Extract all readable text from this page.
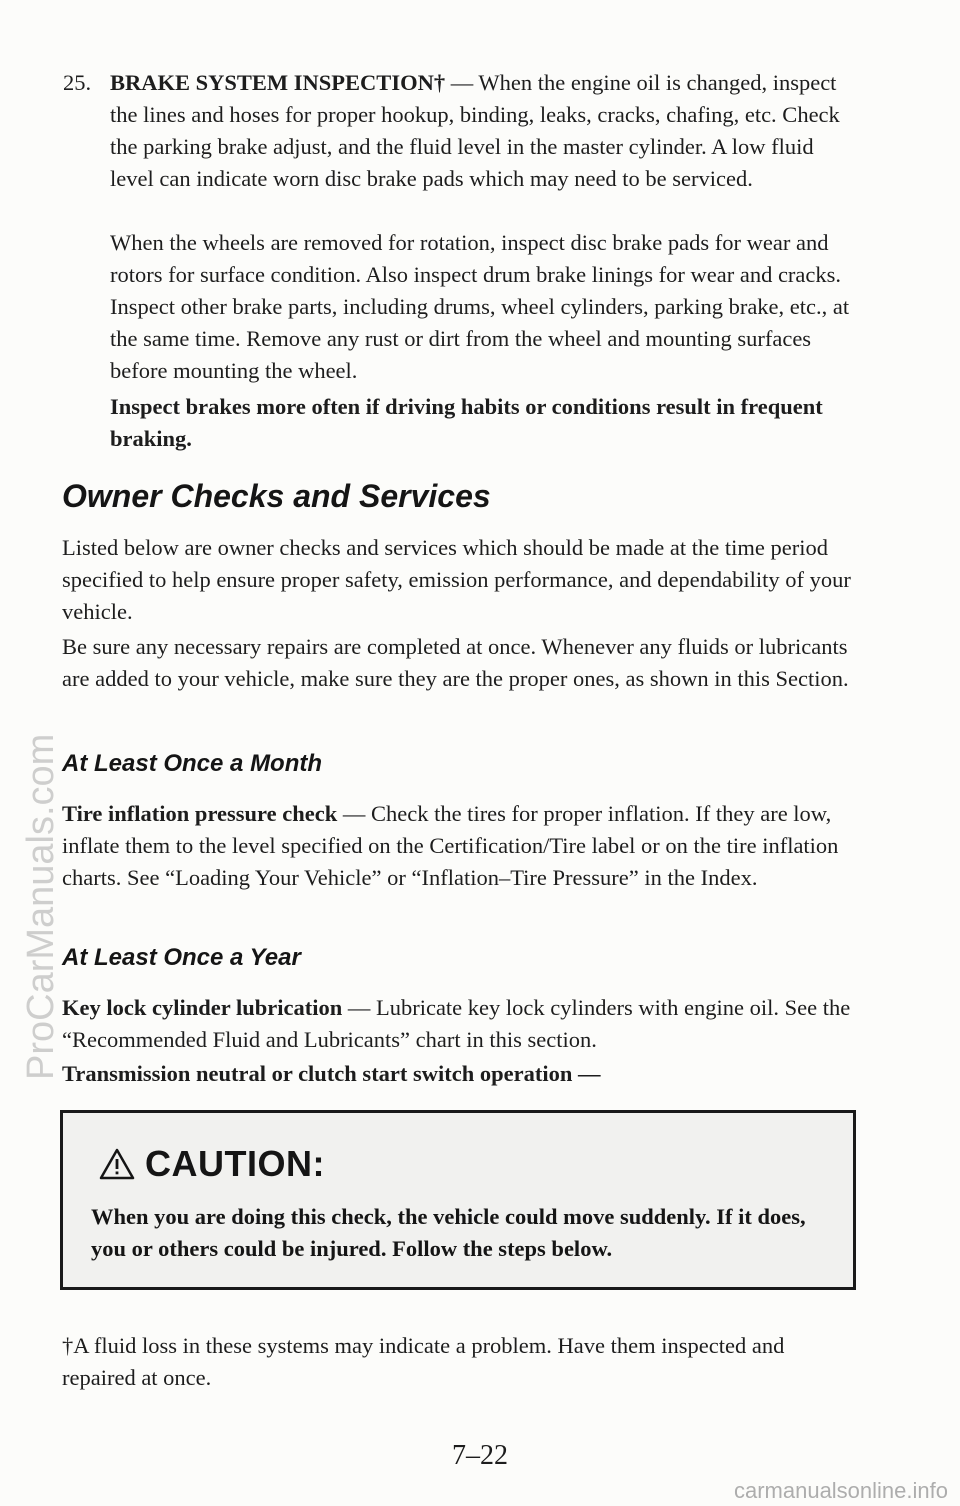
25. BRAKE SYSTEM INSPECTION† — When the engine oil is changed, inspect the lines and hoses for proper hookup, binding, leaks, cracks, chafing, etc. Check the parking brake adjust, and the fluid level in the master cylinder. A low fluid level can indicate worn disc brake pads which may need to be serviced.

When the wheels are removed for rotation, inspect disc brake pads for wear and rotors for surface condition. Also inspect drum brake linings for wear and cracks. Inspect other brake parts, including drums, wheel cylinders, parking brake, etc., at the same time. Remove any rust or dirt from the wheel and mounting surfaces before mounting the wheel.

Inspect brakes more often if driving habits or conditions result in frequent braking.

Owner Checks and Services

Listed below are owner checks and services which should be made at the time period specified to help ensure proper safety, emission performance, and dependability of your vehicle.

Be sure any necessary repairs are completed at once. Whenever any fluids or lubricants are added to your vehicle, make sure they are the proper ones, as shown in this Section.

At Least Once a Month

Tire inflation pressure check — Check the tires for proper inflation. If they are low, inflate them to the level specified on the Certification/Tire label or on the tire inflation charts. See “Loading Your Vehicle” or “Inflation–Tire Pressure” in the Index.

At Least Once a Year

Key lock cylinder lubrication — Lubricate key lock cylinders with engine oil. See the “Recommended Fluid and Lubricants” chart in this section.

Transmission neutral or clutch start switch operation —

CAUTION:
When you are doing this check, the vehicle could move suddenly. If it does, you or others could be injured. Follow the steps below.

†A fluid loss in these systems may indicate a problem. Have them inspected and repaired at once.

7–22
ProCarManuals.com
carmanualsonline.info
